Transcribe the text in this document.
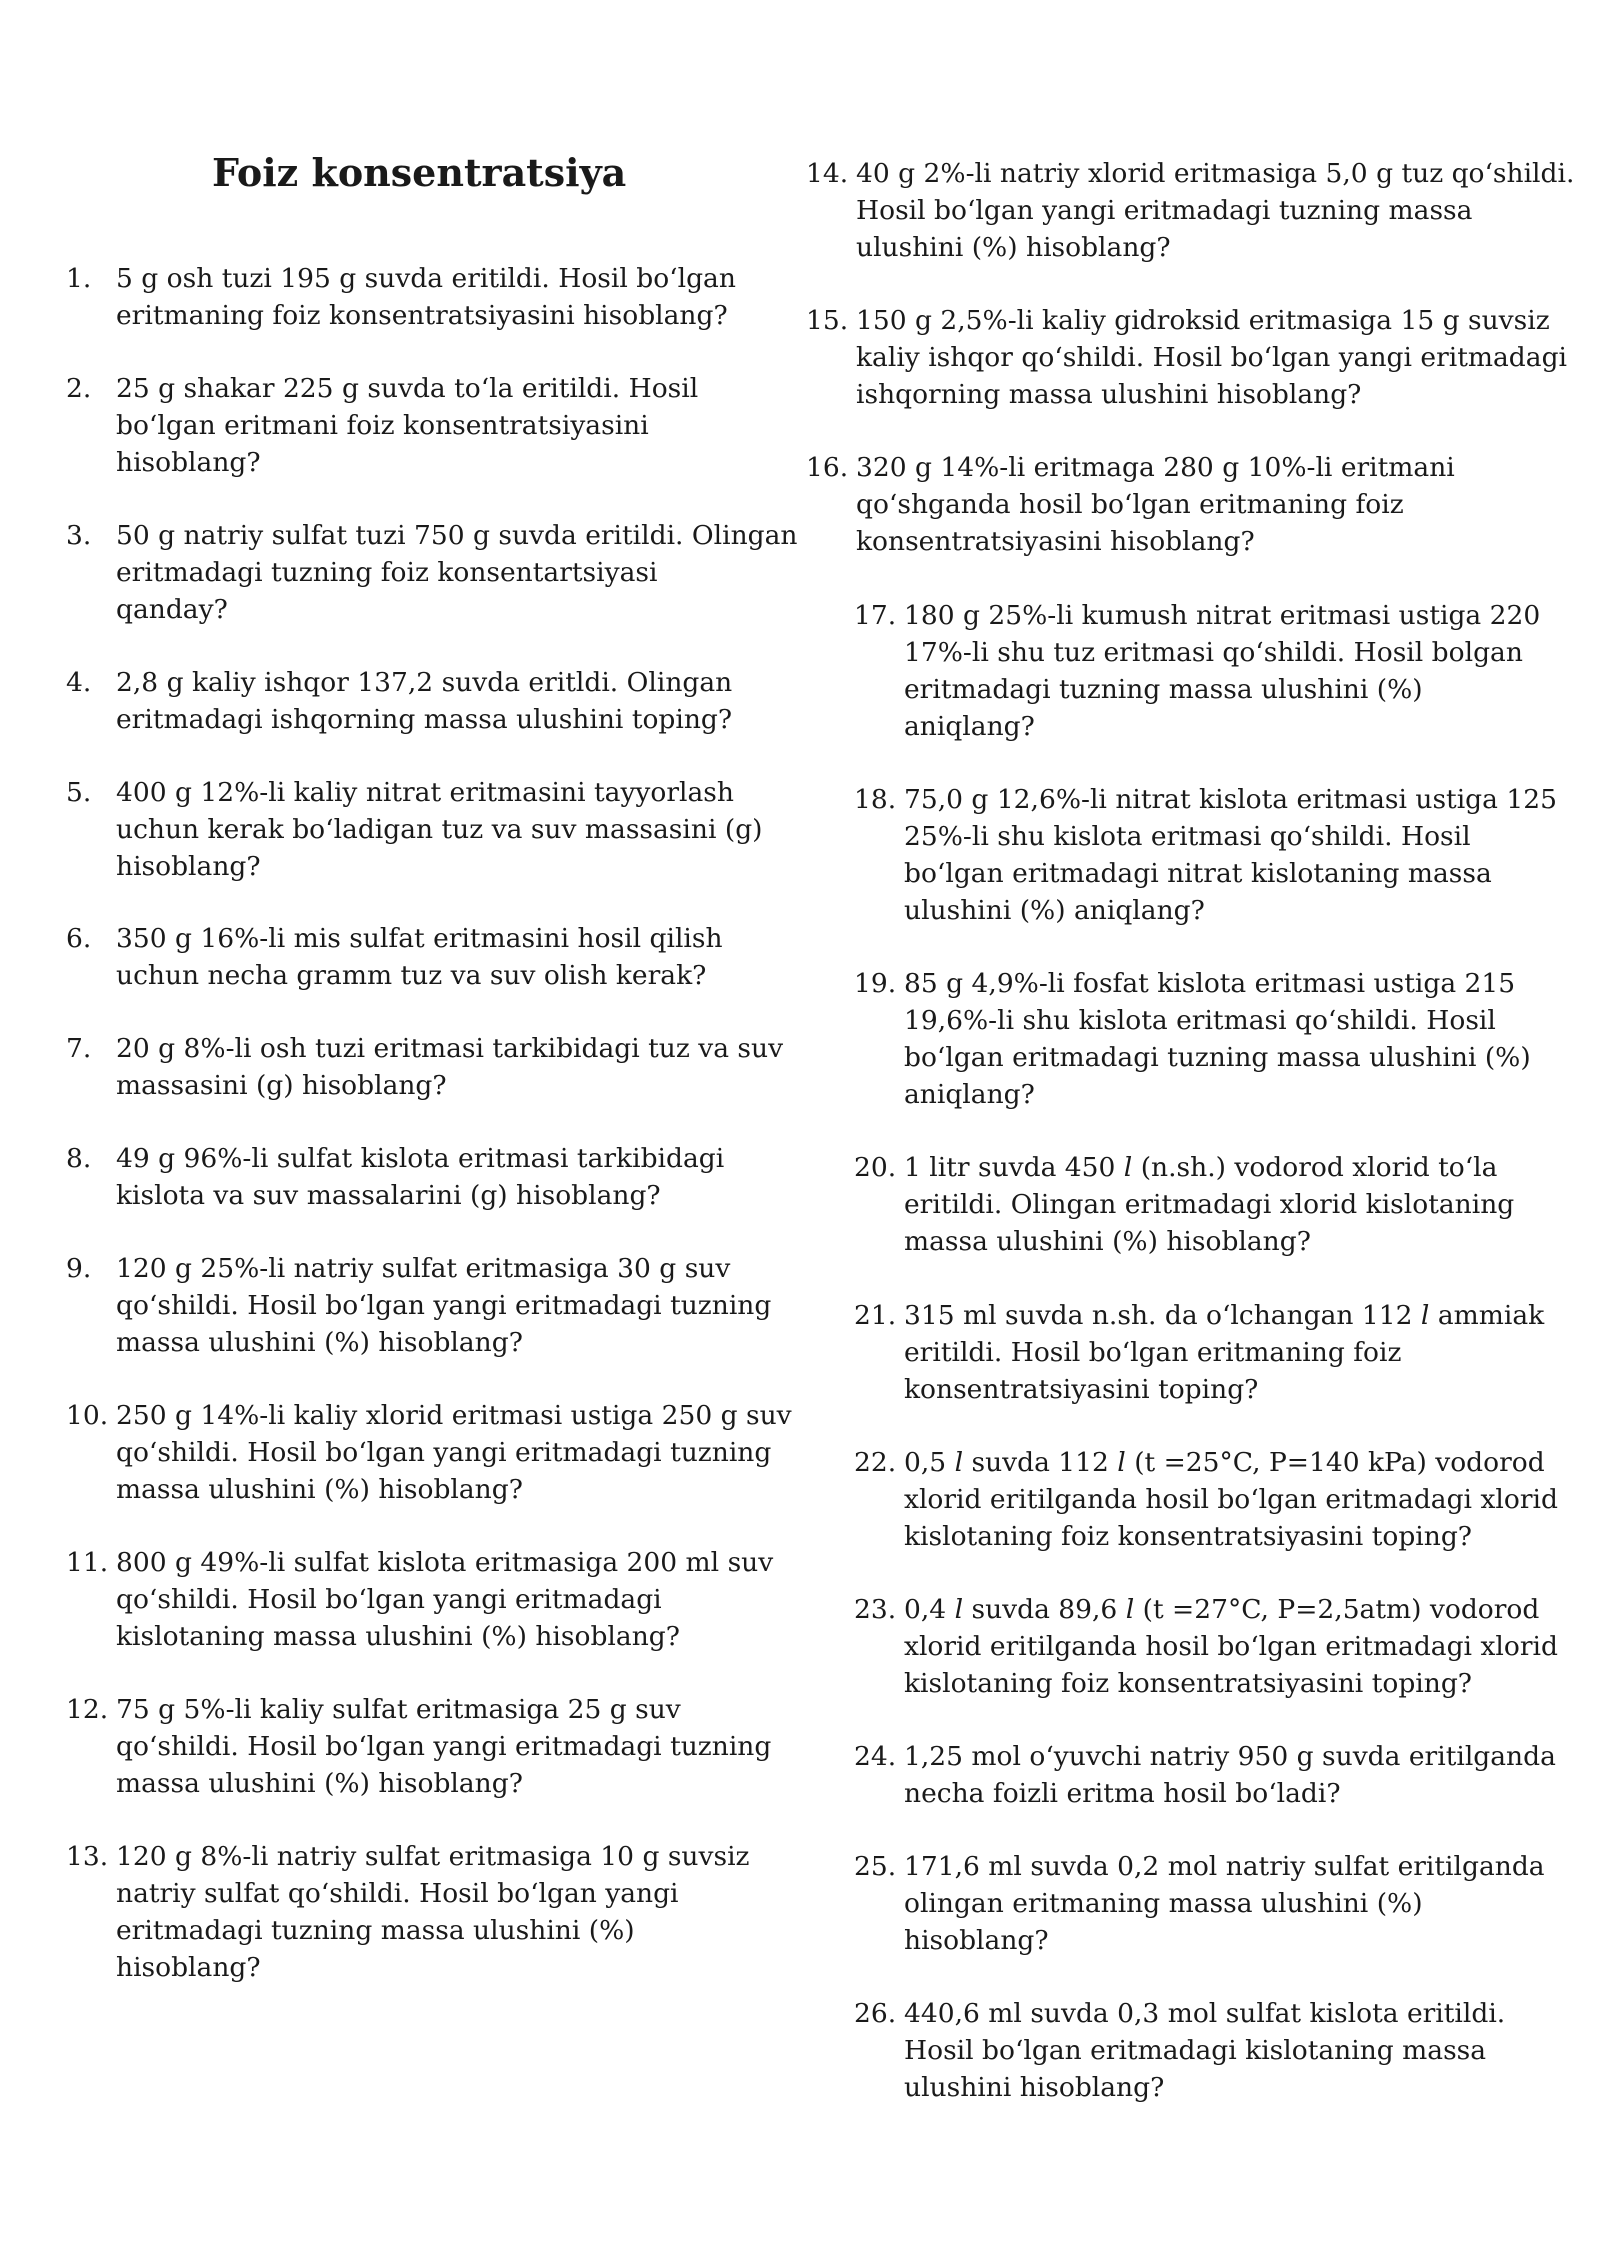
Foiz konsentratsiya
1. 5 g osh tuzi 195 g suvda eritildi. Hosil boʻlgan
eritmaning foiz konsentratsiyasini hisoblang?
2. 25 g shakar 225 g suvda toʻla eritildi. Hosil
boʻlgan eritmani foiz konsentratsiyasini
hisoblang?
3. 50 g natriy sulfat tuzi 750 g suvda eritildi. Olingan
eritmadagi tuzning foiz konsentartsiyasi
qanday?
4. 2,8 g kaliy ishqor 137,2 suvda eritldi. Olingan
eritmadagi ishqorning massa ulushini toping?
5. 400 g 12%-li kaliy nitrat eritmasini tayyorlash
uchun kerak boʻladigan tuz va suv massasini (g)
hisoblang?
6. 350 g 16%-li mis sulfat eritmasini hosil qilish
uchun necha gramm tuz va suv olish kerak?
7. 20 g 8%-li osh tuzi eritmasi tarkibidagi tuz va suv
massasini (g) hisoblang?
8. 49 g 96%-li sulfat kislota eritmasi tarkibidagi
kislota va suv massalarini (g) hisoblang?
9. 120 g 25%-li natriy sulfat eritmasiga 30 g suv
qoʻshildi. Hosil boʻlgan yangi eritmadagi tuzning
massa ulushini (%) hisoblang?
10. 250 g 14%-li kaliy xlorid eritmasi ustiga 250 g suv
qoʻshildi. Hosil boʻlgan yangi eritmadagi tuzning
massa ulushini (%) hisoblang?
11. 800 g 49%-li sulfat kislota eritmasiga 200 ml suv
qoʻshildi. Hosil boʻlgan yangi eritmadagi
kislotaning massa ulushini (%) hisoblang?
12. 75 g 5%-li kaliy sulfat eritmasiga 25 g suv
qoʻshildi. Hosil boʻlgan yangi eritmadagi tuzning
massa ulushini (%) hisoblang?
13. 120 g 8%-li natriy sulfat eritmasiga 10 g suvsiz
natriy sulfat qoʻshildi. Hosil boʻlgan yangi
eritmadagi tuzning massa ulushini (%)
hisoblang?
14. 40 g 2%-li natriy xlorid eritmasiga 5,0 g tuz qoʻshildi.
Hosil boʻlgan yangi eritmadagi tuzning massa
ulushini (%) hisoblang?
15. 150 g 2,5%-li kaliy gidroksid eritmasiga 15 g suvsiz
kaliy ishqor qoʻshildi. Hosil boʻlgan yangi eritmadagi
ishqorning massa ulushini hisoblang?
16. 320 g 14%-li eritmaga 280 g 10%-li eritmani
qoʻshganda hosil boʻlgan eritmaning foiz
konsentratsiyasini hisoblang?
17. 180 g 25%-li kumush nitrat eritmasi ustiga 220
17%-li shu tuz eritmasi qoʻshildi. Hosil bolgan
eritmadagi tuzning massa ulushini (%)
aniqlang?
18. 75,0 g 12,6%-li nitrat kislota eritmasi ustiga 125
25%-li shu kislota eritmasi qoʻshildi. Hosil
boʻlgan eritmadagi nitrat kislotaning massa
ulushini (%) aniqlang?
19. 85 g 4,9%-li fosfat kislota eritmasi ustiga 215
19,6%-li shu kislota eritmasi qoʻshildi. Hosil
boʻlgan eritmadagi tuzning massa ulushini (%)
aniqlang?
20. 1 litr suvda 450 𝑙 (n.sh.) vodorod xlorid toʻla
eritildi. Olingan eritmadagi xlorid kislotaning
massa ulushini (%) hisoblang?
21. 315 ml suvda n.sh. da oʻlchangan 112 𝑙 ammiak
eritildi. Hosil boʻlgan eritmaning foiz
konsentratsiyasini toping?
22. 0,5 𝑙 suvda 112 𝑙 (t =25°C, P=140 kPa) vodorod
xlorid eritilganda hosil boʻlgan eritmadagi xlorid
kislotaning foiz konsentratsiyasini toping?
23. 0,4 𝑙 suvda 89,6 𝑙 (t =27°C, P=2,5atm) vodorod
xlorid eritilganda hosil boʻlgan eritmadagi xlorid
kislotaning foiz konsentratsiyasini toping?
24. 1,25 mol oʻyuvchi natriy 950 g suvda eritilganda
necha foizli eritma hosil boʻladi?
25. 171,6 ml suvda 0,2 mol natriy sulfat eritilganda
olingan eritmaning massa ulushini (%)
hisoblang?
26. 440,6 ml suvda 0,3 mol sulfat kislota eritildi.
Hosil boʻlgan eritmadagi kislotaning massa
ulushini hisoblang?
